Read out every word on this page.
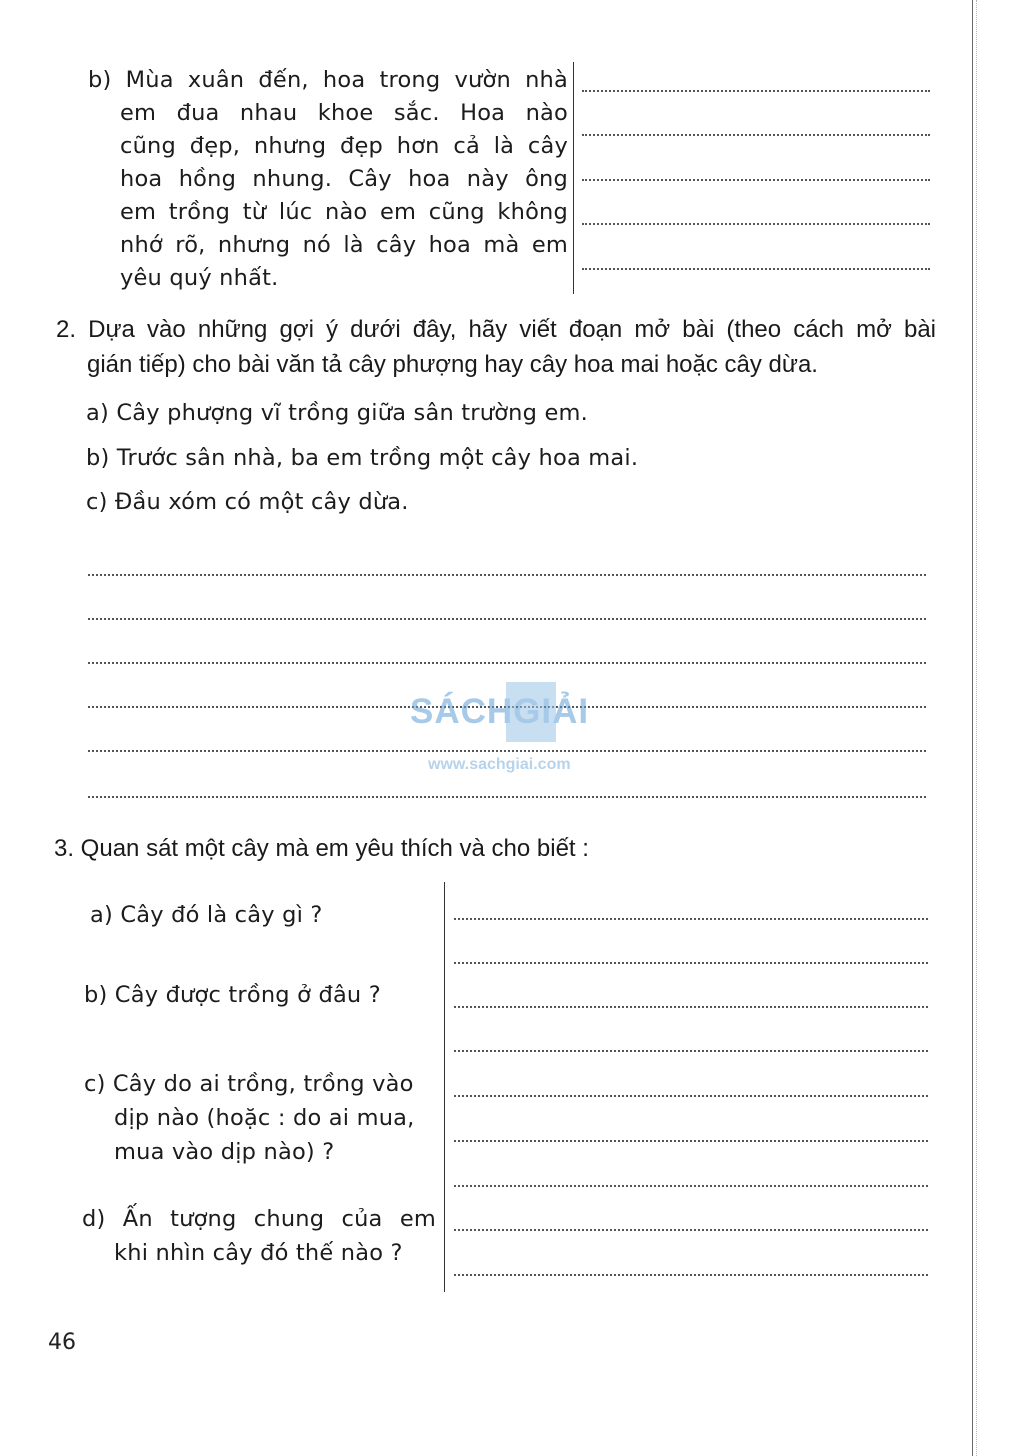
b) Mùa xuân đến, hoa trong vườn nhà
em đua nhau khoe sắc. Hoa nào
cũng đẹp, nhưng đẹp hơn cả là cây
hoa hồng nhung. Cây hoa này ông
em trồng từ lúc nào em cũng không
nhớ rõ, nhưng nó là cây hoa mà em
yêu quý nhất.
2. Dựa vào những gợi ý dưới đây, hãy viết đoạn mở bài (theo cách mở bài
gián tiếp) cho bài văn tả cây phượng hay cây hoa mai hoặc cây dừa.
a) Cây phượng vĩ trồng giữa sân trường em.
b) Trước sân nhà, ba em trồng một cây hoa mai.
c) Đầu xóm có một cây dừa.
SÁCHGIẢI
www.sachgiai.com
3. Quan sát một cây mà em yêu thích và cho biết :
a) Cây đó là cây gì ?
b) Cây được trồng ở đâu ?
c) Cây do ai trồng, trồng vào
dịp nào (hoặc : do ai mua,
mua vào dịp nào) ?
d) Ấn tượng chung của em
khi nhìn cây đó thế nào ?
46
